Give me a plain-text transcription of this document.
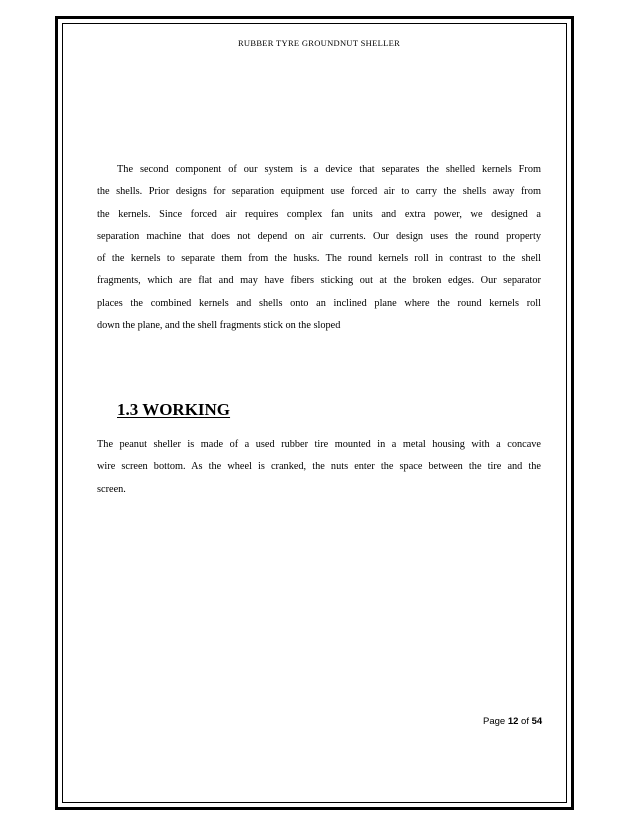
RUBBER TYRE GROUNDNUT SHELLER
The second component of our system is a device that separates the shelled kernels From
the shells. Prior designs for separation equipment use forced air to carry the shells away from
the kernels. Since forced air requires complex fan units and extra power, we designed a
separation machine that does not depend on air currents. Our design uses the round property
of the kernels to separate them from the husks. The round kernels roll in contrast to the shell
fragments, which are flat and may have fibers sticking out at the broken edges. Our separator
places the combined kernels and shells onto an inclined plane where the round kernels roll
down the plane, and the shell fragments stick on the sloped
1.3 WORKING
The peanut sheller is made of a used rubber tire mounted in a metal housing with a concave
wire screen bottom. As the wheel is cranked, the nuts enter the space between the tire and the
screen.
Page 12 of 54
